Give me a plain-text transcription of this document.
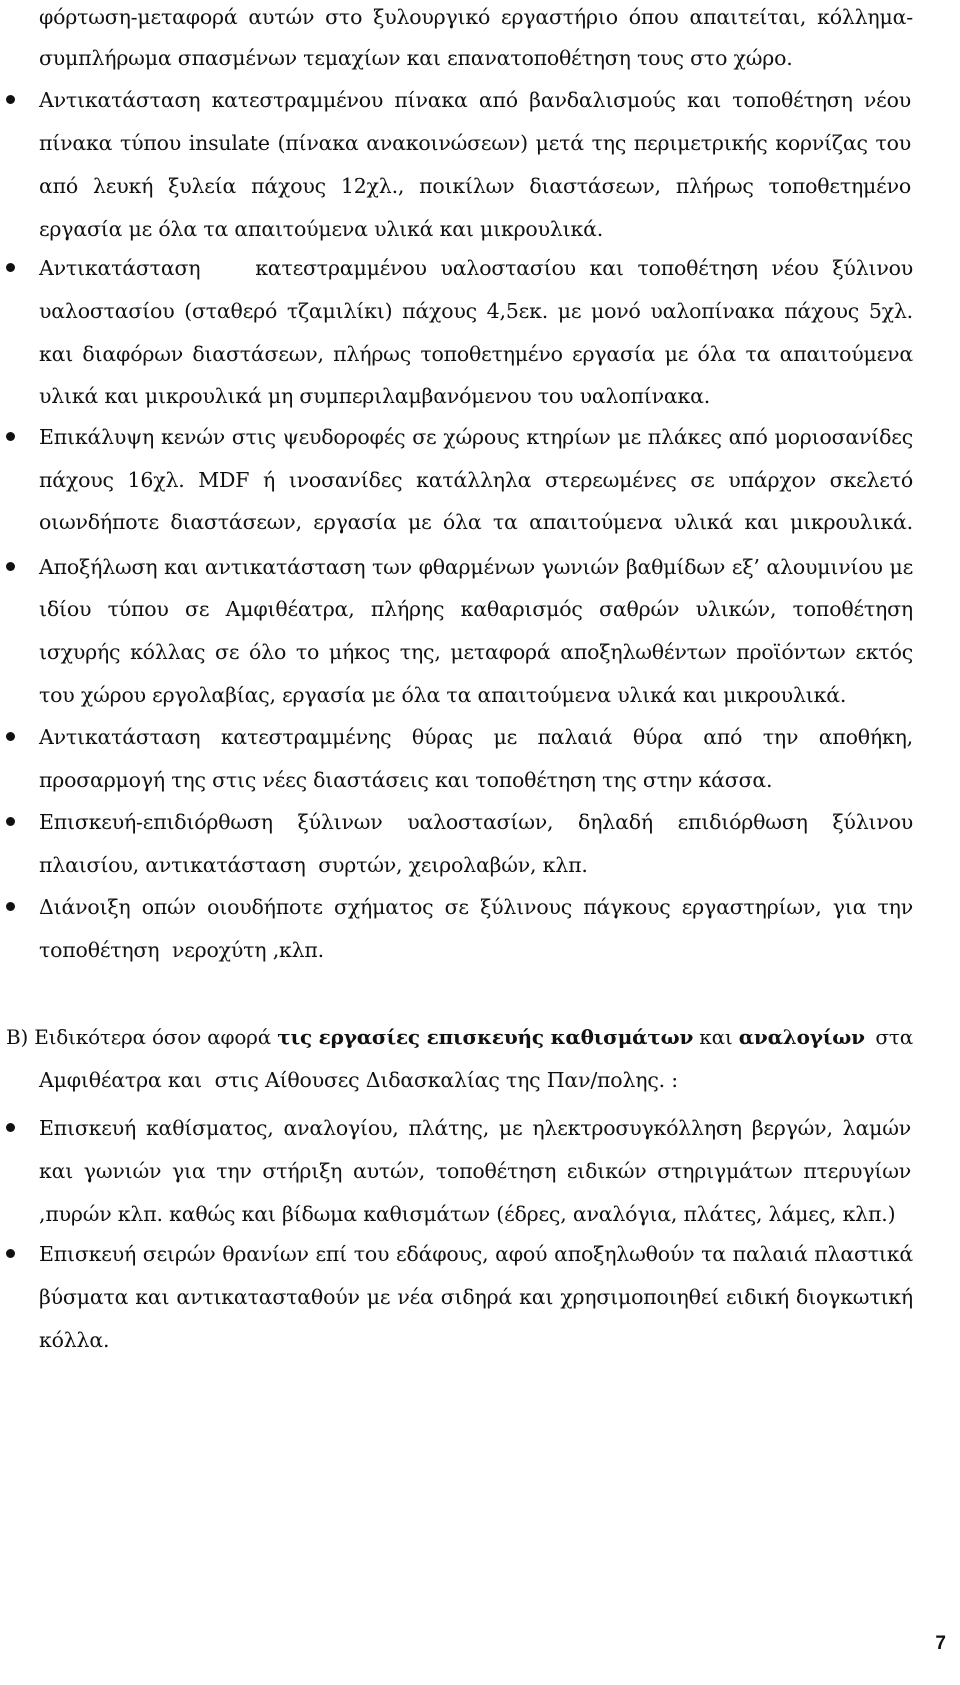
φόρτωση-μεταφορά αυτών στο ξυλουργικό εργαστήριο όπου απαιτείται, κόλλημα-
συμπλήρωμα σπασμένων τεμαχίων και επανατοποθέτηση τους στο χώρο.
Αντικατάσταση κατεστραμμένου πίνακα από βανδαλισμούς και τοποθέτηση νέου
πίνακα τύπου insulate (πίνακα ανακοινώσεων) μετά της περιμετρικής κορνίζας του
από λευκή ξυλεία πάχους 12χλ., ποικίλων διαστάσεων, πλήρως τοποθετημένο
εργασία με όλα τα απαιτούμενα υλικά και μικρουλικά.
Αντικατάσταση    κατεστραμμένου υαλοστασίου και τοποθέτηση νέου ξύλινου
υαλοστασίου (σταθερό τζαμιλίκι) πάχους 4,5εκ. με μονό υαλοπίνακα πάχους 5χλ.
και διαφόρων διαστάσεων, πλήρως τοποθετημένο εργασία με όλα τα απαιτούμενα
υλικά και μικρουλικά μη συμπεριλαμβανόμενου του υαλοπίνακα.
Επικάλυψη κενών στις ψευδοροφές σε χώρους κτηρίων με πλάκες από μοριοσανίδες
πάχους 16χλ. MDF ή ινοσανίδες κατάλληλα στερεωμένες σε υπάρχον σκελετό
οιωνδήποτε διαστάσεων, εργασία με όλα τα απαιτούμενα υλικά και μικρουλικά.
Αποξήλωση και αντικατάσταση των φθαρμένων γωνιών βαθμίδων εξ’ αλουμινίου με
ιδίου τύπου σε Αμφιθέατρα, πλήρης καθαρισμός σαθρών υλικών, τοποθέτηση
ισχυρής κόλλας σε όλο το μήκος της, μεταφορά αποξηλωθέντων προϊόντων εκτός
του χώρου εργολαβίας, εργασία με όλα τα απαιτούμενα υλικά και μικρουλικά.
Αντικατάσταση κατεστραμμένης θύρας με παλαιά θύρα από την αποθήκη,
προσαρμογή της στις νέες διαστάσεις και τοποθέτηση της στην κάσσα.
Επισκευή-επιδιόρθωση ξύλινων υαλοστασίων, δηλαδή επιδιόρθωση ξύλινου
πλαισίου, αντικατάσταση  συρτών, χειρολαβών, κλπ.
Διάνοιξη οπών οιουδήποτε σχήματος σε ξύλινους πάγκους εργαστηρίων, για την
τοποθέτηση  νεροχύτη ,κλπ.
Β) Ειδικότερα όσον αφορά τις εργασίες επισκευής καθισμάτων και αναλογίων στα
Αμφιθέατρα και  στις Αίθουσες Διδασκαλίας της Παν/πολης. :
Επισκευή καθίσματος, αναλογίου, πλάτης, με ηλεκτροσυγκόλληση βεργών, λαμών
και γωνιών για την στήριξη αυτών, τοποθέτηση ειδικών στηριγμάτων πτερυγίων
,πυρών κλπ. καθώς και βίδωμα καθισμάτων (έδρες, αναλόγια, πλάτες, λάμες, κλπ.)
Επισκευή σειρών θρανίων επί του εδάφους, αφού αποξηλωθούν τα παλαιά πλαστικά
βύσματα και αντικατασταθούν με νέα σιδηρά και χρησιμοποιηθεί ειδική διογκωτική
κόλλα.
7
